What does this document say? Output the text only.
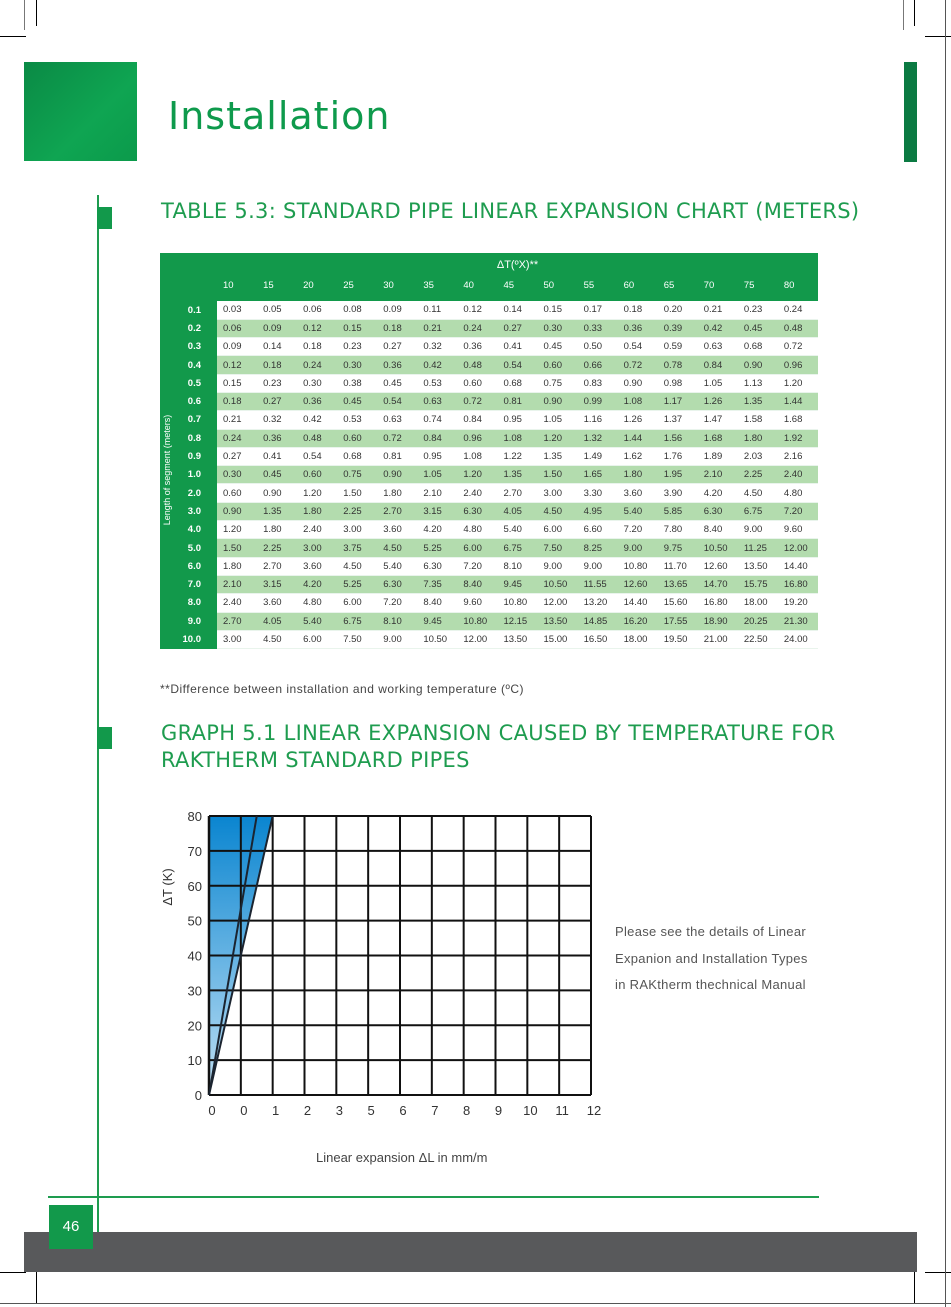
Installation
TABLE 5.3: STANDARD PIPE LINEAR EXPANSION CHART (METERS)
	ΔT(ºX)**														
	10	15	20	25	30	35	40	45	50	55	60	65	70	75	80
0.1	0.03	0.05	0.06	0.08	0.09	0.11	0.12	0.14	0.15	0.17	0.18	0.20	0.21	0.23	0.24
0.2	0.06	0.09	0.12	0.15	0.18	0.21	0.24	0.27	0.30	0.33	0.36	0.39	0.42	0.45	0.48
0.3	0.09	0.14	0.18	0.23	0.27	0.32	0.36	0.41	0.45	0.50	0.54	0.59	0.63	0.68	0.72
0.4	0.12	0.18	0.24	0.30	0.36	0.42	0.48	0.54	0.60	0.66	0.72	0.78	0.84	0.90	0.96
0.5	0.15	0.23	0.30	0.38	0.45	0.53	0.60	0.68	0.75	0.83	0.90	0.98	1.05	1.13	1.20
0.6	0.18	0.27	0.36	0.45	0.54	0.63	0.72	0.81	0.90	0.99	1.08	1.17	1.26	1.35	1.44
0.7	0.21	0.32	0.42	0.53	0.63	0.74	0.84	0.95	1.05	1.16	1.26	1.37	1.47	1.58	1.68
0.8	0.24	0.36	0.48	0.60	0.72	0.84	0.96	1.08	1.20	1.32	1.44	1.56	1.68	1.80	1.92
0.9	0.27	0.41	0.54	0.68	0.81	0.95	1.08	1.22	1.35	1.49	1.62	1.76	1.89	2.03	2.16
1.0	0.30	0.45	0.60	0.75	0.90	1.05	1.20	1.35	1.50	1.65	1.80	1.95	2.10	2.25	2.40
2.0	0.60	0.90	1.20	1.50	1.80	2.10	2.40	2.70	3.00	3.30	3.60	3.90	4.20	4.50	4.80
3.0	0.90	1.35	1.80	2.25	2.70	3.15	6.30	4.05	4.50	4.95	5.40	5.85	6.30	6.75	7.20
4.0	1.20	1.80	2.40	3.00	3.60	4.20	4.80	5.40	6.00	6.60	7.20	7.80	8.40	9.00	9.60
5.0	1.50	2.25	3.00	3.75	4.50	5.25	6.00	6.75	7.50	8.25	9.00	9.75	10.50	11.25	12.00
6.0	1.80	2.70	3.60	4.50	5.40	6.30	7.20	8.10	9.00	9.00	10.80	11.70	12.60	13.50	14.40
7.0	2.10	3.15	4.20	5.25	6.30	7.35	8.40	9.45	10.50	11.55	12.60	13.65	14.70	15.75	16.80
8.0	2.40	3.60	4.80	6.00	7.20	8.40	9.60	10.80	12.00	13.20	14.40	15.60	16.80	18.00	19.20
9.0	2.70	4.05	5.40	6.75	8.10	9.45	10.80	12.15	13.50	14.85	16.20	17.55	18.90	20.25	21.30
10.0	3.00	4.50	6.00	7.50	9.00	10.50	12.00	13.50	15.00	16.50	18.00	19.50	21.00	22.50	24.00
Length of segment (meters)
**Difference between installation and working temperature (ºC)
GRAPH 5.1 LINEAR EXPANSION CAUSED BY TEMPERATURE FOR
RAKTHERM STANDARD PIPES
0
10
20
30
40
50
60
70
80
0 0 1 2 3 5 6 7 8 9 10 11 12
ΔT (K)
Please see the details of Linear
Expanion and Installation Types
in RAKtherm thechnical Manual
Linear expansion ΔL in mm/m
46
